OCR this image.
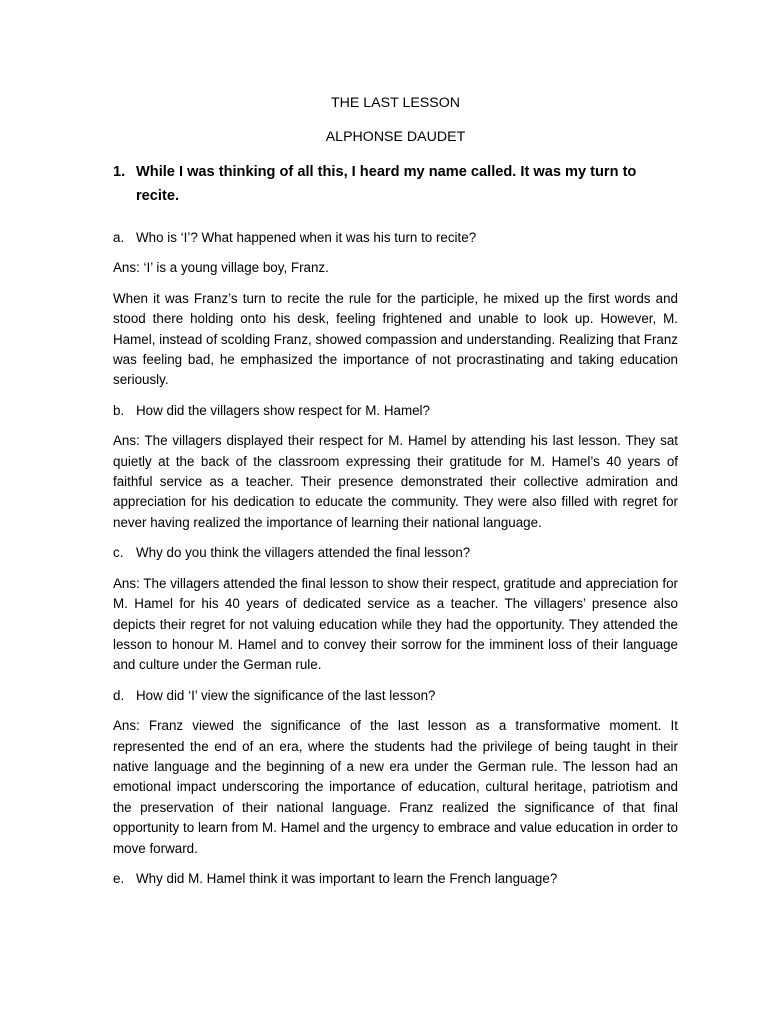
THE LAST LESSON

ALPHONSE DAUDET

1. While I was thinking of all this, I heard my name called. It was my turn to recite.
a. Who is ‘I’? What happened when it was his turn to recite?

Ans: ‘I’ is a young village boy, Franz.

When it was Franz’s turn to recite the rule for the participle, he mixed up the first words and stood there holding onto his desk, feeling frightened and unable to look up. However, M. Hamel, instead of scolding Franz, showed compassion and understanding. Realizing that Franz was feeling bad, he emphasized the importance of not procrastinating and taking education seriously.

b. How did the villagers show respect for M. Hamel?

Ans: The villagers displayed their respect for M. Hamel by attending his last lesson. They sat quietly at the back of the classroom expressing their gratitude for M. Hamel’s 40 years of faithful service as a teacher. Their presence demonstrated their collective admiration and appreciation for his dedication to educate the community. They were also filled with regret for never having realized the importance of learning their national language.

c. Why do you think the villagers attended the final lesson?

Ans: The villagers attended the final lesson to show their respect, gratitude and appreciation for M. Hamel for his 40 years of dedicated service as a teacher. The villagers’ presence also depicts their regret for not valuing education while they had the opportunity. They attended the lesson to honour M. Hamel and to convey their sorrow for the imminent loss of their language and culture under the German rule.

d. How did ‘I’ view the significance of the last lesson?

Ans: Franz viewed the significance of the last lesson as a transformative moment. It represented the end of an era, where the students had the privilege of being taught in their native language and the beginning of a new era under the German rule. The lesson had an emotional impact underscoring the importance of education, cultural heritage, patriotism and the preservation of their national language. Franz realized the significance of that final opportunity to learn from M. Hamel and the urgency to embrace and value education in order to move forward.

e. Why did M. Hamel think it was important to learn the French language?
